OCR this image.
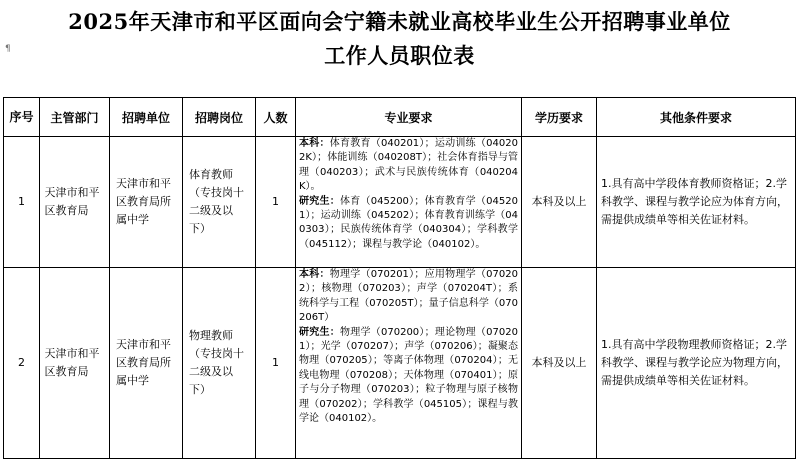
2025年天津市和平区面向会宁籍未就业高校毕业生公开招聘事业单位
工作人员职位表
¶
序号	主管部门	招聘单位	招聘岗位	人数	专业要求	学历要求	其他条件要求
1	天津市和平区教育局	天津市和平区教育局所属中学	体育教师（专技岗十二级及以下）	1	本科：体育教育（040201）；运动训练（040202K）；体能训练（040208T）；社会体育指导与管理（040203）；武术与民族传统体育（040204K）。
研究生：体育（045200）；体育教育学（045201）；运动训练（045202）；体育教育训练学（040303）；民族传统体育学（040304）；学科教学（045112）；课程与教学论（040102）。	本科及以上	1.具有高中学段体育教师资格证；2.学科教学、课程与教学论应为体育方向，需提供成绩单等相关佐证材料。
2	天津市和平区教育局	天津市和平区教育局所属中学	物理教师（专技岗十二级及以下）	1	本科：物理学（070201）；应用物理学（070202）；核物理（070203）；声学（070204T）；系统科学与工程（070205T）；量子信息科学（070206T）
研究生：物理学（070200）；理论物理（070201）；光学（070207）；声学（070206）；凝聚态物理（070205）；等离子体物理（070204）；无线电物理（070208）；天体物理（070401）；原子与分子物理（070203）；粒子物理与原子核物理（070202）；学科教学（045105）；课程与教学论（040102）。	本科及以上	1.具有高中学段物理教师资格证；2.学科教学、课程与教学论应为物理方向，需提供成绩单等相关佐证材料。
